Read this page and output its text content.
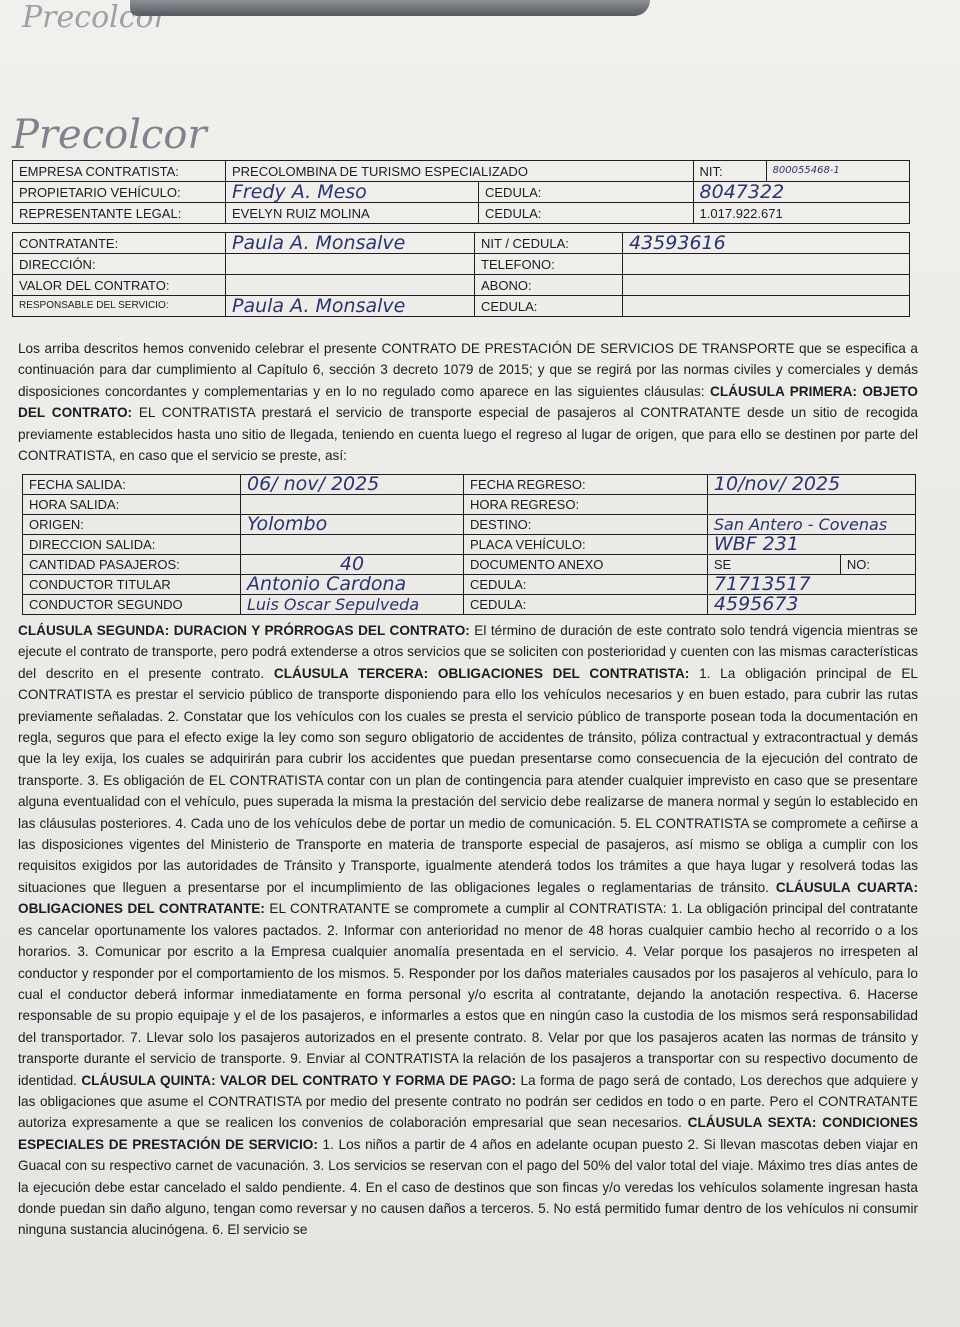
Precolcor
Precolcor
EMPRESA CONTRATISTA:	PRECOLOMBINA DE TURISMO ESPECIALIZADO		NIT:	800055468-1
PROPIETARIO VEHÍCULO:	Fredy A. Meso	CEDULA:	8047322	
REPRESENTANTE LEGAL:	EVELYN RUIZ MOLINA	CEDULA:	1.017.922.671	
CONTRATANTE:	Paula A. Monsalve	NIT / CEDULA:	43593616
DIRECCIÓN:		TELEFONO:	
VALOR DEL CONTRATO:		ABONO:	
RESPONSABLE DEL SERVICIO:	Paula A. Monsalve	CEDULA:	
Los arriba descritos hemos convenido celebrar el presente CONTRATO DE PRESTACIÓN DE SERVICIOS DE TRANSPORTE que se especifica a continuación para dar cumplimiento al Capítulo 6, sección 3 decreto 1079 de 2015; y que se regirá por las normas civiles y comerciales y demás disposiciones concordantes y complementarias y en lo no regulado como aparece en las siguientes cláusulas: CLÁUSULA PRIMERA: OBJETO DEL CONTRATO: EL CONTRATISTA prestará el servicio de transporte especial de pasajeros al CONTRATANTE desde un sitio de recogida previamente establecidos hasta uno sitio de llegada, teniendo en cuenta luego el regreso al lugar de origen, que para ello se destinen por parte del CONTRATISTA, en caso que el servicio se preste, así:
FECHA SALIDA:	06/ nov/ 2025	FECHA REGRESO:	10/nov/ 2025	
HORA SALIDA:		HORA REGRESO:		
ORIGEN:	Yolombo	DESTINO:	San Antero - Covenas	
DIRECCION SALIDA:		PLACA VEHÍCULO:	WBF 231	
CANTIDAD PASAJEROS:	40	DOCUMENTO ANEXO	SE	NO:
CONDUCTOR TITULAR	Antonio Cardona	CEDULA:	71713517	
CONDUCTOR SEGUNDO	Luis Oscar Sepulveda	CEDULA:	4595673	
CLÁUSULA SEGUNDA: DURACION Y PRÓRROGAS DEL CONTRATO: El término de duración de este contrato solo tendrá vigencia mientras se ejecute el contrato de transporte, pero podrá extenderse a otros servicios que se soliciten con posterioridad y cuenten con las mismas características del descrito en el presente contrato. CLÁUSULA TERCERA: OBLIGACIONES DEL CONTRATISTA: 1. La obligación principal de EL CONTRATISTA es prestar el servicio público de transporte disponiendo para ello los vehículos necesarios y en buen estado, para cubrir las rutas previamente señaladas. 2. Constatar que los vehículos con los cuales se presta el servicio público de transporte posean toda la documentación en regla, seguros que para el efecto exige la ley como son seguro obligatorio de accidentes de tránsito, póliza contractual y extracontractual y demás que la ley exija, los cuales se adquirirán para cubrir los accidentes que puedan presentarse como consecuencia de la ejecución del contrato de transporte. 3. Es obligación de EL CONTRATISTA contar con un plan de contingencia para atender cualquier imprevisto en caso que se presentare alguna eventualidad con el vehículo, pues superada la misma la prestación del servicio debe realizarse de manera normal y según lo establecido en las cláusulas posteriores. 4. Cada uno de los vehículos debe de portar un medio de comunicación. 5. EL CONTRATISTA se compromete a ceñirse a las disposiciones vigentes del Ministerio de Transporte en materia de transporte especial de pasajeros, así mismo se obliga a cumplir con los requisitos exigidos por las autoridades de Tránsito y Transporte, igualmente atenderá todos los trámites a que haya lugar y resolverá todas las situaciones que lleguen a presentarse por el incumplimiento de las obligaciones legales o reglamentarias de tránsito. CLÁUSULA CUARTA: OBLIGACIONES DEL CONTRATANTE: EL CONTRATANTE se compromete a cumplir al CONTRATISTA: 1. La obligación principal del contratante es cancelar oportunamente los valores pactados. 2. Informar con anterioridad no menor de 48 horas cualquier cambio hecho al recorrido o a los horarios. 3. Comunicar por escrito a la Empresa cualquier anomalía presentada en el servicio. 4. Velar porque los pasajeros no irrespeten al conductor y responder por el comportamiento de los mismos. 5. Responder por los daños materiales causados por los pasajeros al vehículo, para lo cual el conductor deberá informar inmediatamente en forma personal y/o escrita al contratante, dejando la anotación respectiva. 6. Hacerse responsable de su propio equipaje y el de los pasajeros, e informarles a estos que en ningún caso la custodia de los mismos será responsabilidad del transportador. 7. Llevar solo los pasajeros autorizados en el presente contrato. 8. Velar por que los pasajeros acaten las normas de tránsito y transporte durante el servicio de transporte. 9. Enviar al CONTRATISTA la relación de los pasajeros a transportar con su respectivo documento de identidad. CLÁUSULA QUINTA: VALOR DEL CONTRATO Y FORMA DE PAGO: La forma de pago será de contado, Los derechos que adquiere y las obligaciones que asume el CONTRATISTA por medio del presente contrato no podrán ser cedidos en todo o en parte. Pero el CONTRATANTE autoriza expresamente a que se realicen los convenios de colaboración empresarial que sean necesarios. CLÁUSULA SEXTA: CONDICIONES ESPECIALES DE PRESTACIÓN DE SERVICIO: 1. Los niños a partir de 4 años en adelante ocupan puesto 2. Si llevan mascotas deben viajar en Guacal con su respectivo carnet de vacunación. 3. Los servicios se reservan con el pago del 50% del valor total del viaje. Máximo tres días antes de la ejecución debe estar cancelado el saldo pendiente. 4. En el caso de destinos que son fincas y/o veredas los vehículos solamente ingresan hasta donde puedan sin daño alguno, tengan como reversar y no causen daños a terceros. 5. No está permitido fumar dentro de los vehículos ni consumir ninguna sustancia alucinógena. 6. El servicio se
